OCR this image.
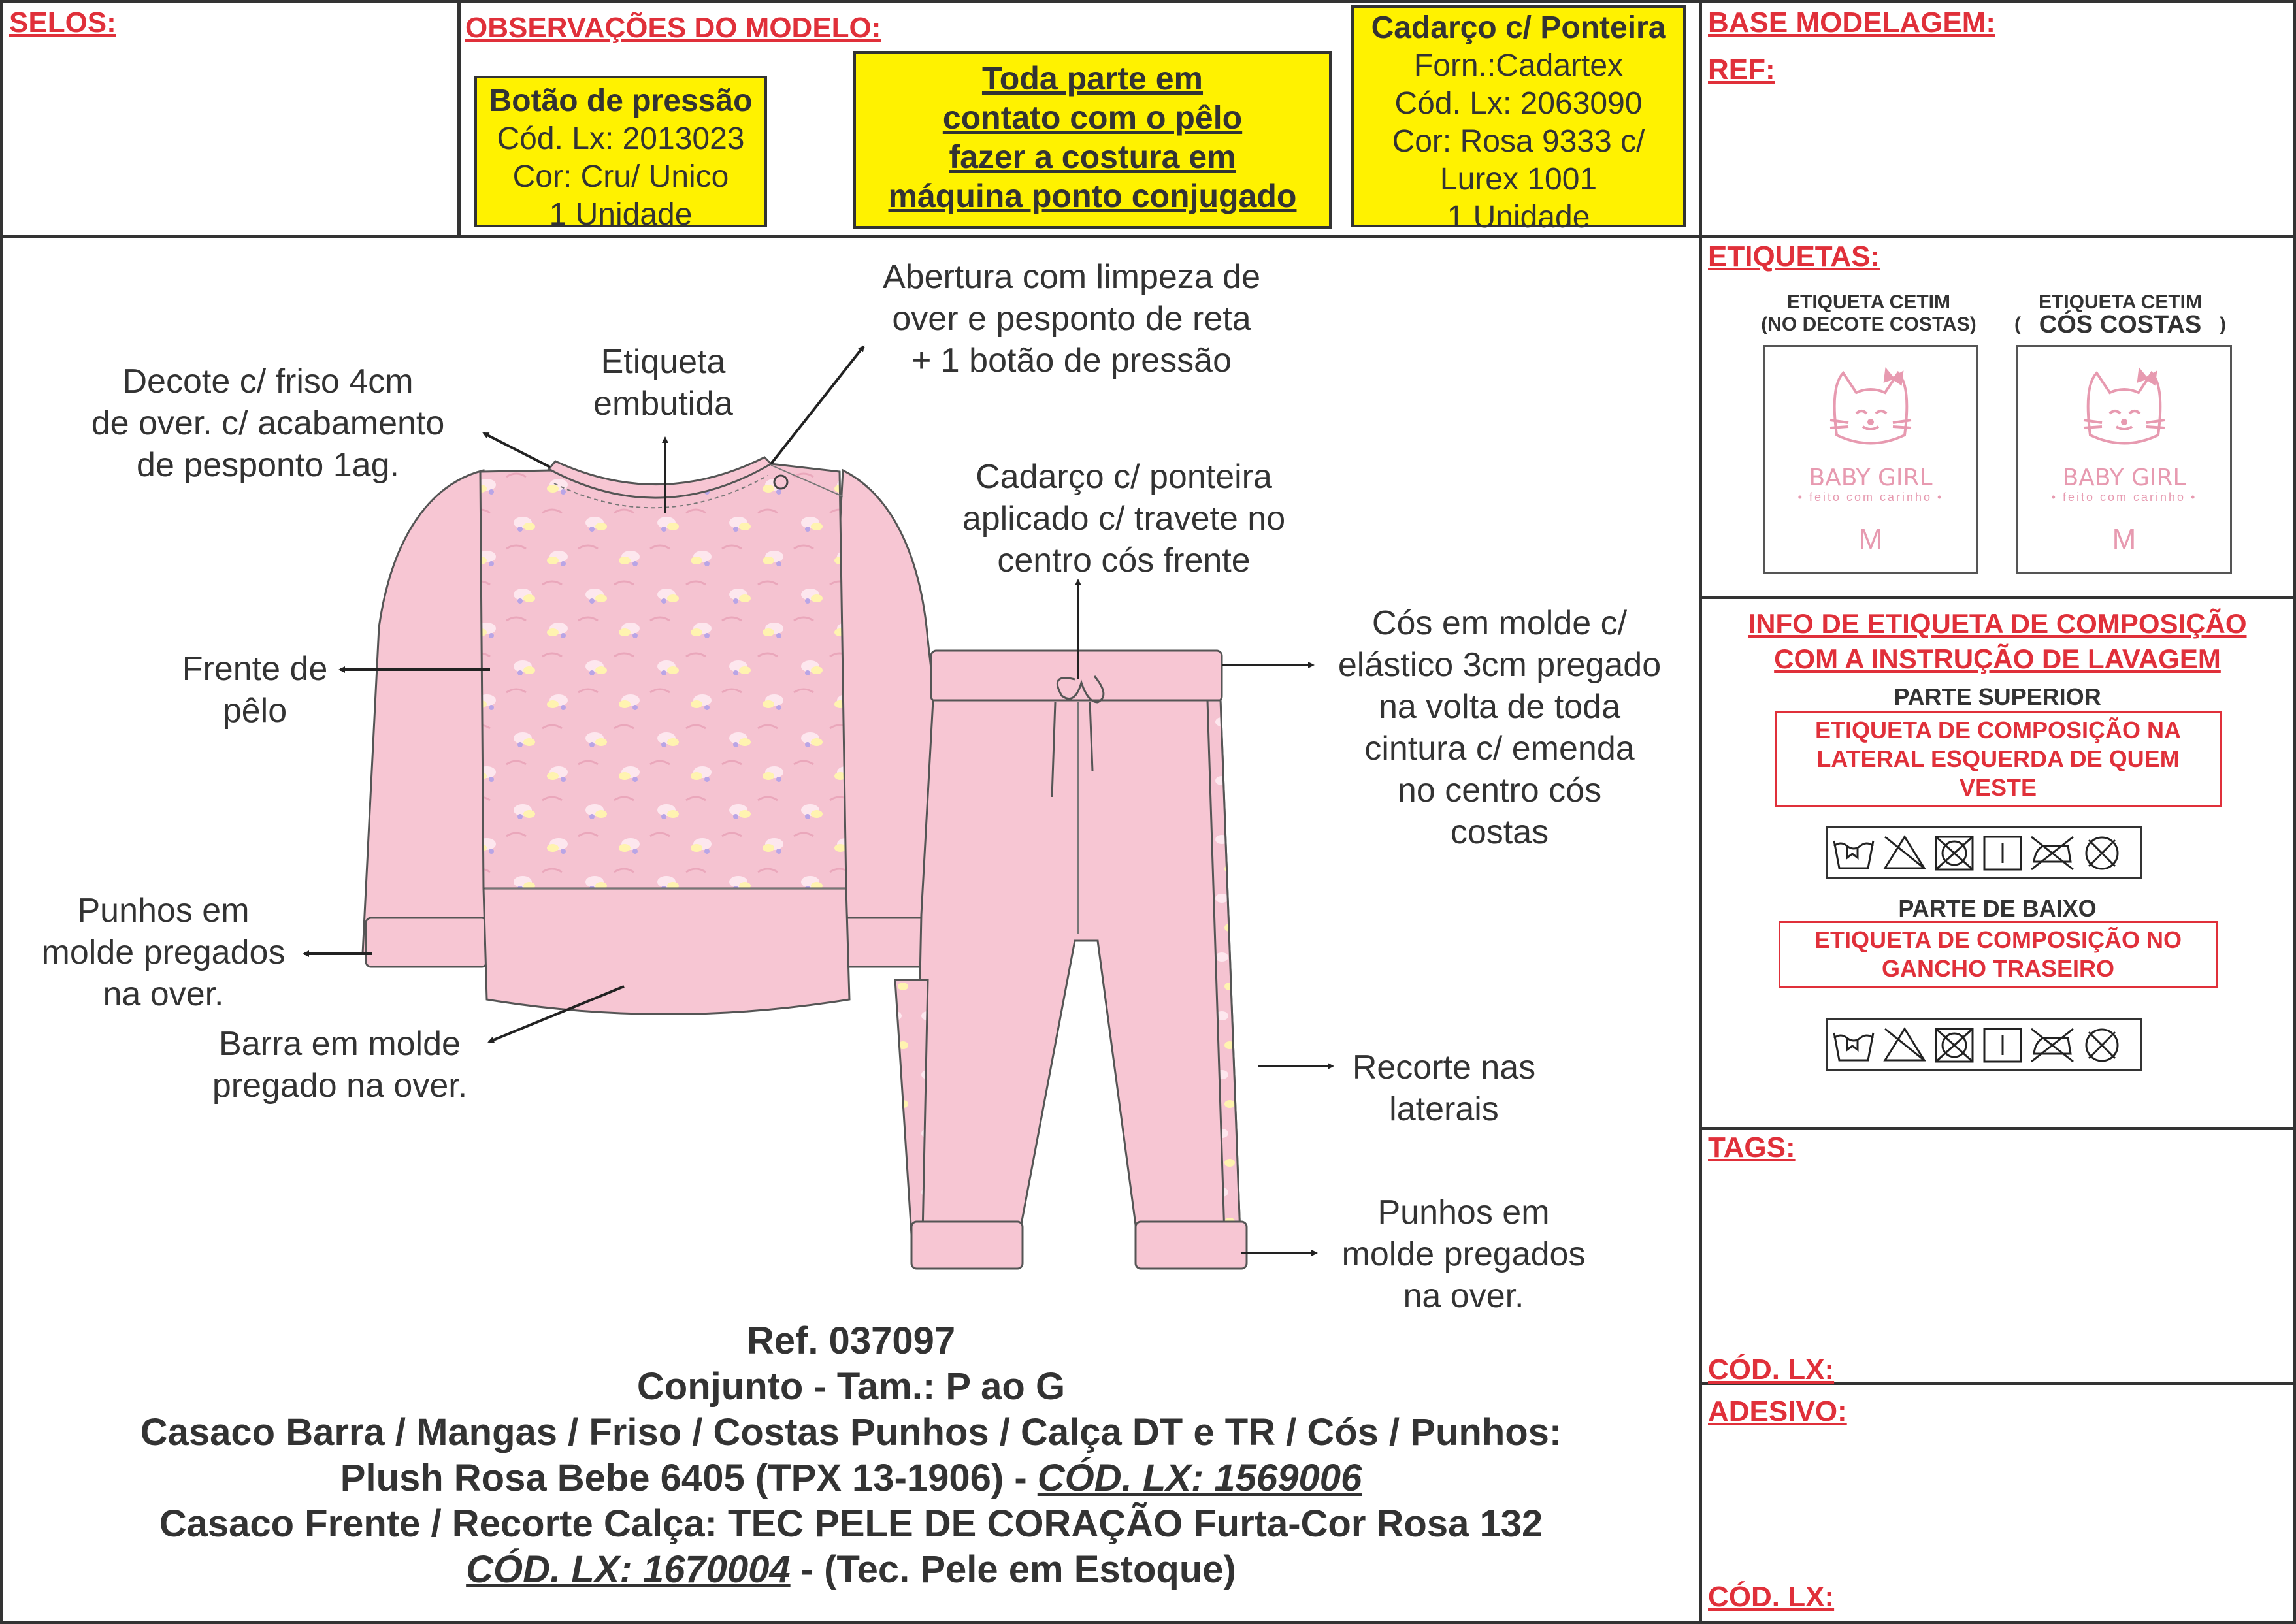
SELOS:	OBSERVAÇÕES DO MODELO:	BASE MODELAGEM:
REF:
Botão de pressão
Cód. Lx: 2013023
Cor: Cru/ Unico
1 Unidade
Toda parte em
contato com o pêlo
fazer a costura em
máquina ponto conjugado
Cadarço c/ Ponteira
Forn.:Cadartex
Cód. Lx: 2063090
Cor: Rosa 9333 c/
Lurex 1001
1 Unidade
Decote c/ friso 4cm
de over. c/ acabamento
de pesponto 1ag.
Etiqueta
embutida
Abertura com limpeza de
over e pesponto de reta
+ 1 botão de pressão
Cadarço c/ ponteira
aplicado c/ travete no
centro cós frente
Frente de
pêlo
Cós em molde c/
elástico 3cm pregado
na volta de toda
cintura c/ emenda
no centro cós
costas
Punhos em
molde pregados
na over.
Barra em molde
pregado na over.	Recorte nas
laterais
Punhos em
molde pregados
na over.
Ref. 037097
Conjunto - Tam.: P ao G
Casaco Barra / Mangas / Friso / Costas Punhos / Calça DT e TR / Cós / Punhos:
Plush Rosa Bebe 6405 (TPX 13-1906) - CÓD. LX: 1569006
Casaco Frente / Recorte Calça: TEC PELE DE CORAÇÃO Furta-Cor Rosa 132
CÓD. LX: 1670004 - (Tec. Pele em Estoque)
ETIQUETAS:
ETIQUETA CETIM
(NO DECOTE COSTAS)
ETIQUETA CETIM
( CÓS COSTAS )
BABY GIRL
• feito com carinho •
M
BABY GIRL
• feito com carinho •
M
INFO DE ETIQUETA DE COMPOSIÇÃO
COM A INSTRUÇÃO DE LAVAGEM
PARTE SUPERIOR
ETIQUETA DE COMPOSIÇÃO NA
LATERAL ESQUERDA DE QUEM
VESTE
PARTE DE BAIXO
ETIQUETA DE COMPOSIÇÃO NO
GANCHO TRASEIRO
TAGS:
CÓD. LX:
ADESIVO:
CÓD. LX:
